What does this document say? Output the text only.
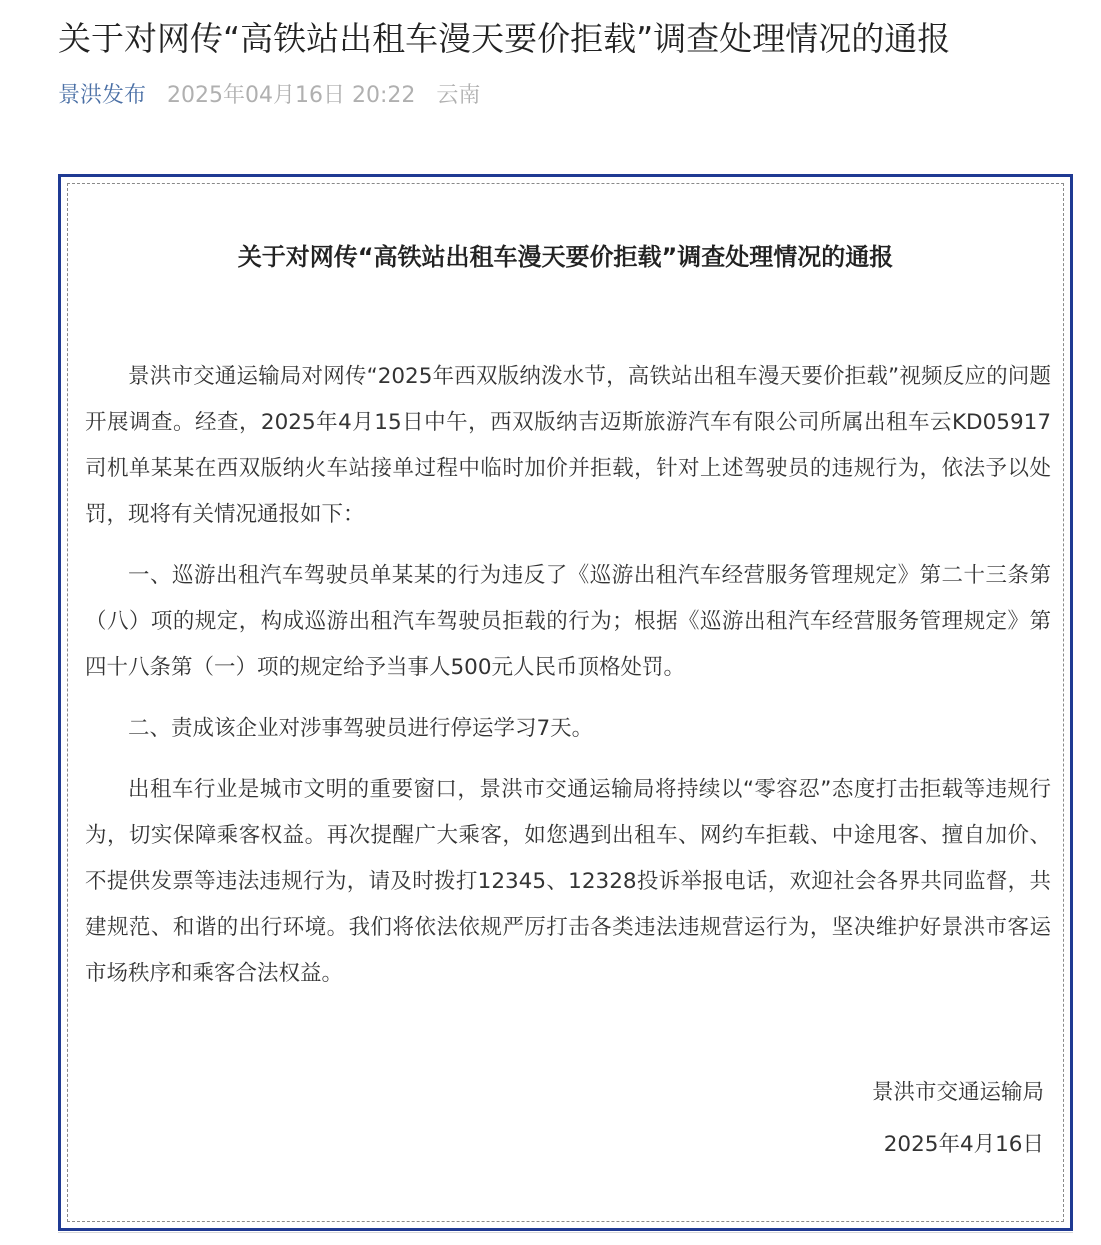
关于对网传“高铁站出租车漫天要价拒载”调查处理情况的通报
景洪发布 2025年04月16日 20:22 云南
关于对网传“高铁站出租车漫天要价拒载”调查处理情况的通报

景洪市交通运输局对网传“2025年西双版纳泼水节，高铁站出租车漫天要价拒载”视频反应的问题开展调查。经查，2025年4月15日中午，西双版纳吉迈斯旅游汽车有限公司所属出租车云KD05917司机单某某在西双版纳火车站接单过程中临时加价并拒载，针对上述驾驶员的违规行为，依法予以处罚，现将有关情况通报如下：

一、巡游出租汽车驾驶员单某某的行为违反了《巡游出租汽车经营服务管理规定》第二十三条第（八）项的规定，构成巡游出租汽车驾驶员拒载的行为；根据《巡游出租汽车经营服务管理规定》第四十八条第（一）项的规定给予当事人500元人民币顶格处罚。

二、责成该企业对涉事驾驶员进行停运学习7天。

出租车行业是城市文明的重要窗口，景洪市交通运输局将持续以“零容忍”态度打击拒载等违规行为，切实保障乘客权益。再次提醒广大乘客，如您遇到出租车、网约车拒载、中途甩客、擅自加价、不提供发票等违法违规行为，请及时拨打12345、12328投诉举报电话，欢迎社会各界共同监督，共建规范、和谐的出行环境。我们将依法依规严厉打击各类违法违规营运行为，坚决维护好景洪市客运市场秩序和乘客合法权益。

景洪市交通运输局
2025年4月16日
